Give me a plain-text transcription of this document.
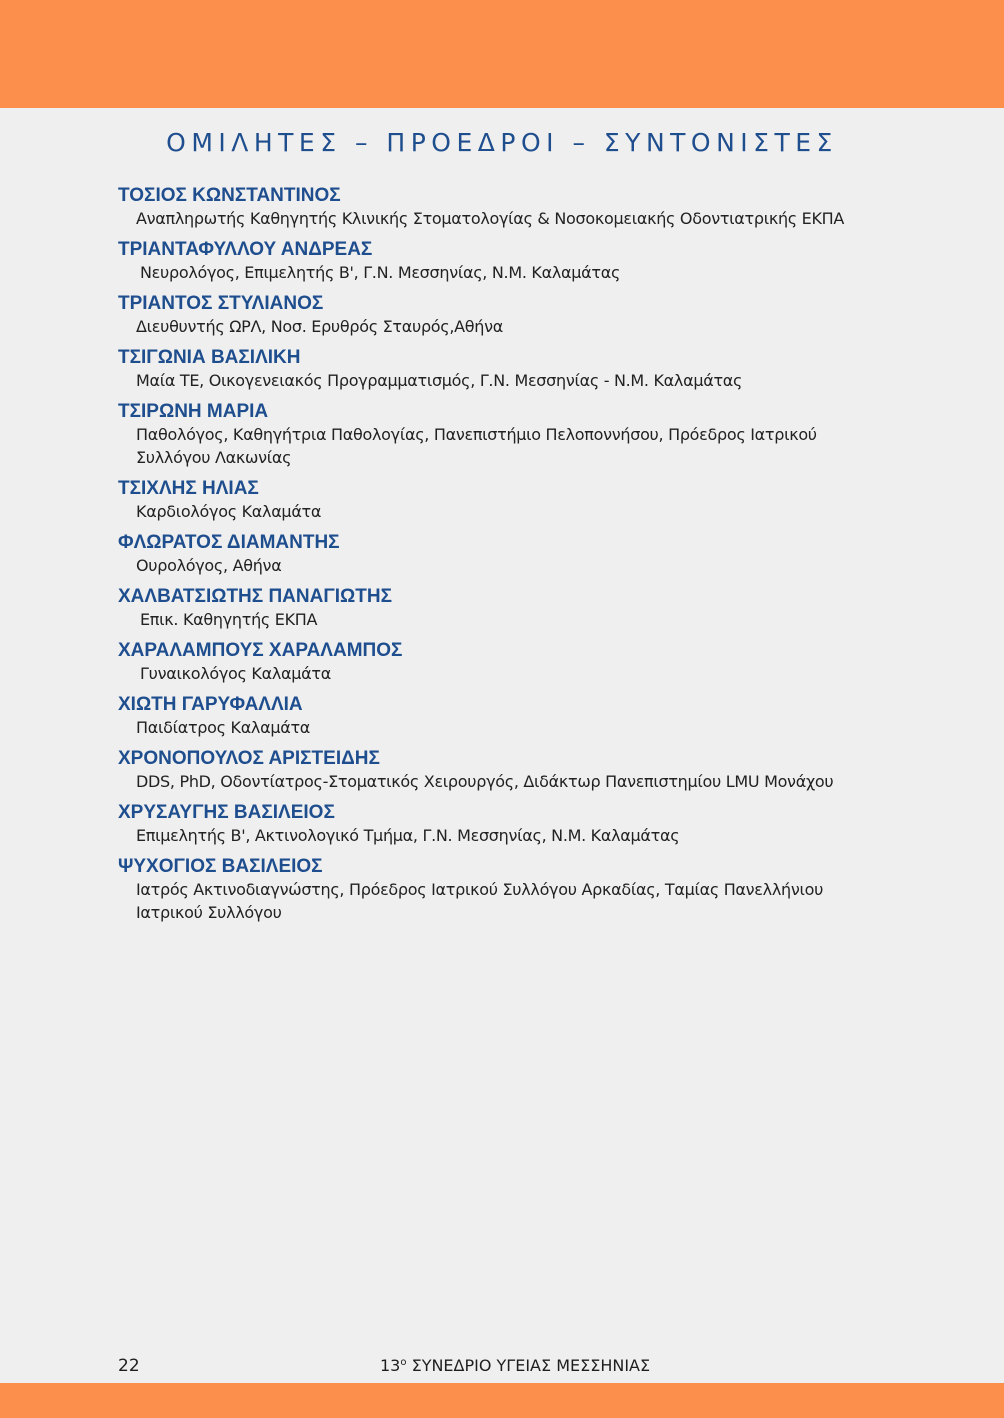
ΟΜΙΛΗΤΕΣ – ΠΡΟΕΔΡΟΙ – ΣΥΝΤΟΝΙΣΤΕΣ
ΤΟΣΙΟΣ ΚΩΝΣΤΑΝΤΙΝΟΣ
Αναπληρωτής Καθηγητής Κλινικής Στοματολογίας & Νοσοκομειακής Οδοντιατρικής ΕΚΠΑ
ΤΡΙΑΝΤΑΦΥΛΛΟΥ ΑΝΔΡΕΑΣ
Νευρολόγος, Επιμελητής Β', Γ.Ν. Μεσσηνίας, Ν.Μ. Καλαμάτας
ΤΡΙΑΝΤΟΣ ΣΤΥΛΙΑΝΟΣ
Διευθυντής ΩΡΛ, Νοσ. Ερυθρός Σταυρός,Αθήνα
ΤΣΙΓΩΝΙΑ ΒΑΣΙΛΙΚΗ
Μαία ΤΕ, Οικογενειακός Προγραμματισμός, Γ.Ν. Μεσσηνίας - Ν.Μ. Καλαμάτας
ΤΣΙΡΩΝΗ ΜΑΡΙΑ
Παθολόγος, Καθηγήτρια Παθολογίας, Πανεπιστήμιο Πελοποννήσου, Πρόεδρος Ιατρικού Συλλόγου Λακωνίας
ΤΣΙΧΛΗΣ ΗΛΙΑΣ
Καρδιολόγος Καλαμάτα
ΦΛΩΡΑΤΟΣ ΔΙΑΜΑΝΤΗΣ
Ουρολόγος, Αθήνα
ΧΑΛΒΑΤΣΙΩΤΗΣ ΠΑΝΑΓΙΩΤΗΣ
Επικ. Καθηγητής ΕΚΠΑ
ΧΑΡΑΛΑΜΠΟΥΣ ΧΑΡΑΛΑΜΠΟΣ
Γυναικολόγος Καλαμάτα
ΧΙΩΤΗ ΓΑΡΥΦΑΛΛΙΑ
Παιδίατρος Καλαμάτα
ΧΡΟΝΟΠΟΥΛΟΣ ΑΡΙΣΤΕΙΔΗΣ
DDS, PhD, Οδοντίατρος-Στοματικός Χειρουργός, Διδάκτωρ Πανεπιστημίου LMU Μονάχου
ΧΡΥΣΑΥΓΗΣ ΒΑΣΙΛΕΙΟΣ
Επιμελητής Β', Ακτινολογικό Τμήμα, Γ.Ν. Μεσσηνίας, Ν.Μ. Καλαμάτας
ΨΥΧΟΓΙΟΣ ΒΑΣΙΛΕΙΟΣ
Ιατρός Ακτινοδιαγνώστης, Πρόεδρος Ιατρικού Συλλόγου Αρκαδίας, Ταμίας Πανελλήνιου Ιατρικού Συλλόγου
22	$13^o$ ΣΥΝΕΔΡΙΟ ΥΓΕΙΑΣ ΜΕΣΣΗΝΙΑΣ
